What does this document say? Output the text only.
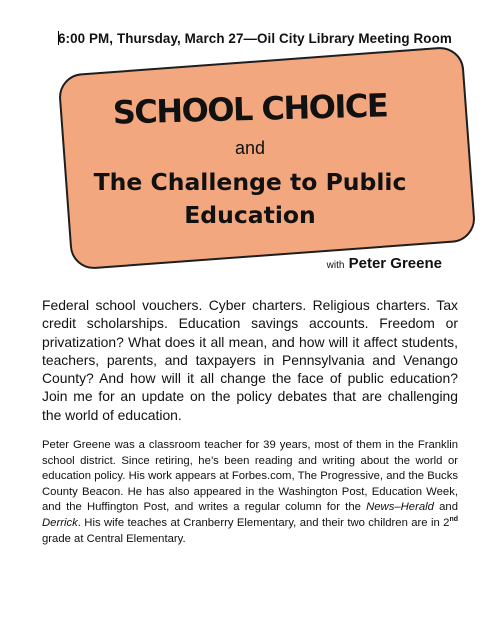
6:00 PM, Thursday, March 27—Oil City Library Meeting Room
SCHOOL CHOICE
and
The Challenge to Public Education
with Peter Greene

Federal school vouchers. Cyber charters. Religious charters. Tax credit scholarships. Education savings accounts. Freedom or privatization? What does it all mean, and how will it affect students, teachers, parents, and taxpayers in Pennsylvania and Venango County? And how will it all change the face of public education? Join me for an update on the policy debates that are challenging the world of education.

Peter Greene was a classroom teacher for 39 years, most of them in the Franklin school district. Since retiring, he’s been reading and writing about the world or education policy. His work appears at Forbes.com, The Progressive, and the Bucks County Beacon. He has also appeared in the Washington Post, Education Week, and the Huffington Post, and writes a regular column for the News–Herald and Derrick. His wife teaches at Cranberry Elementary, and their two children are in 2nd grade at Central Elementary.
